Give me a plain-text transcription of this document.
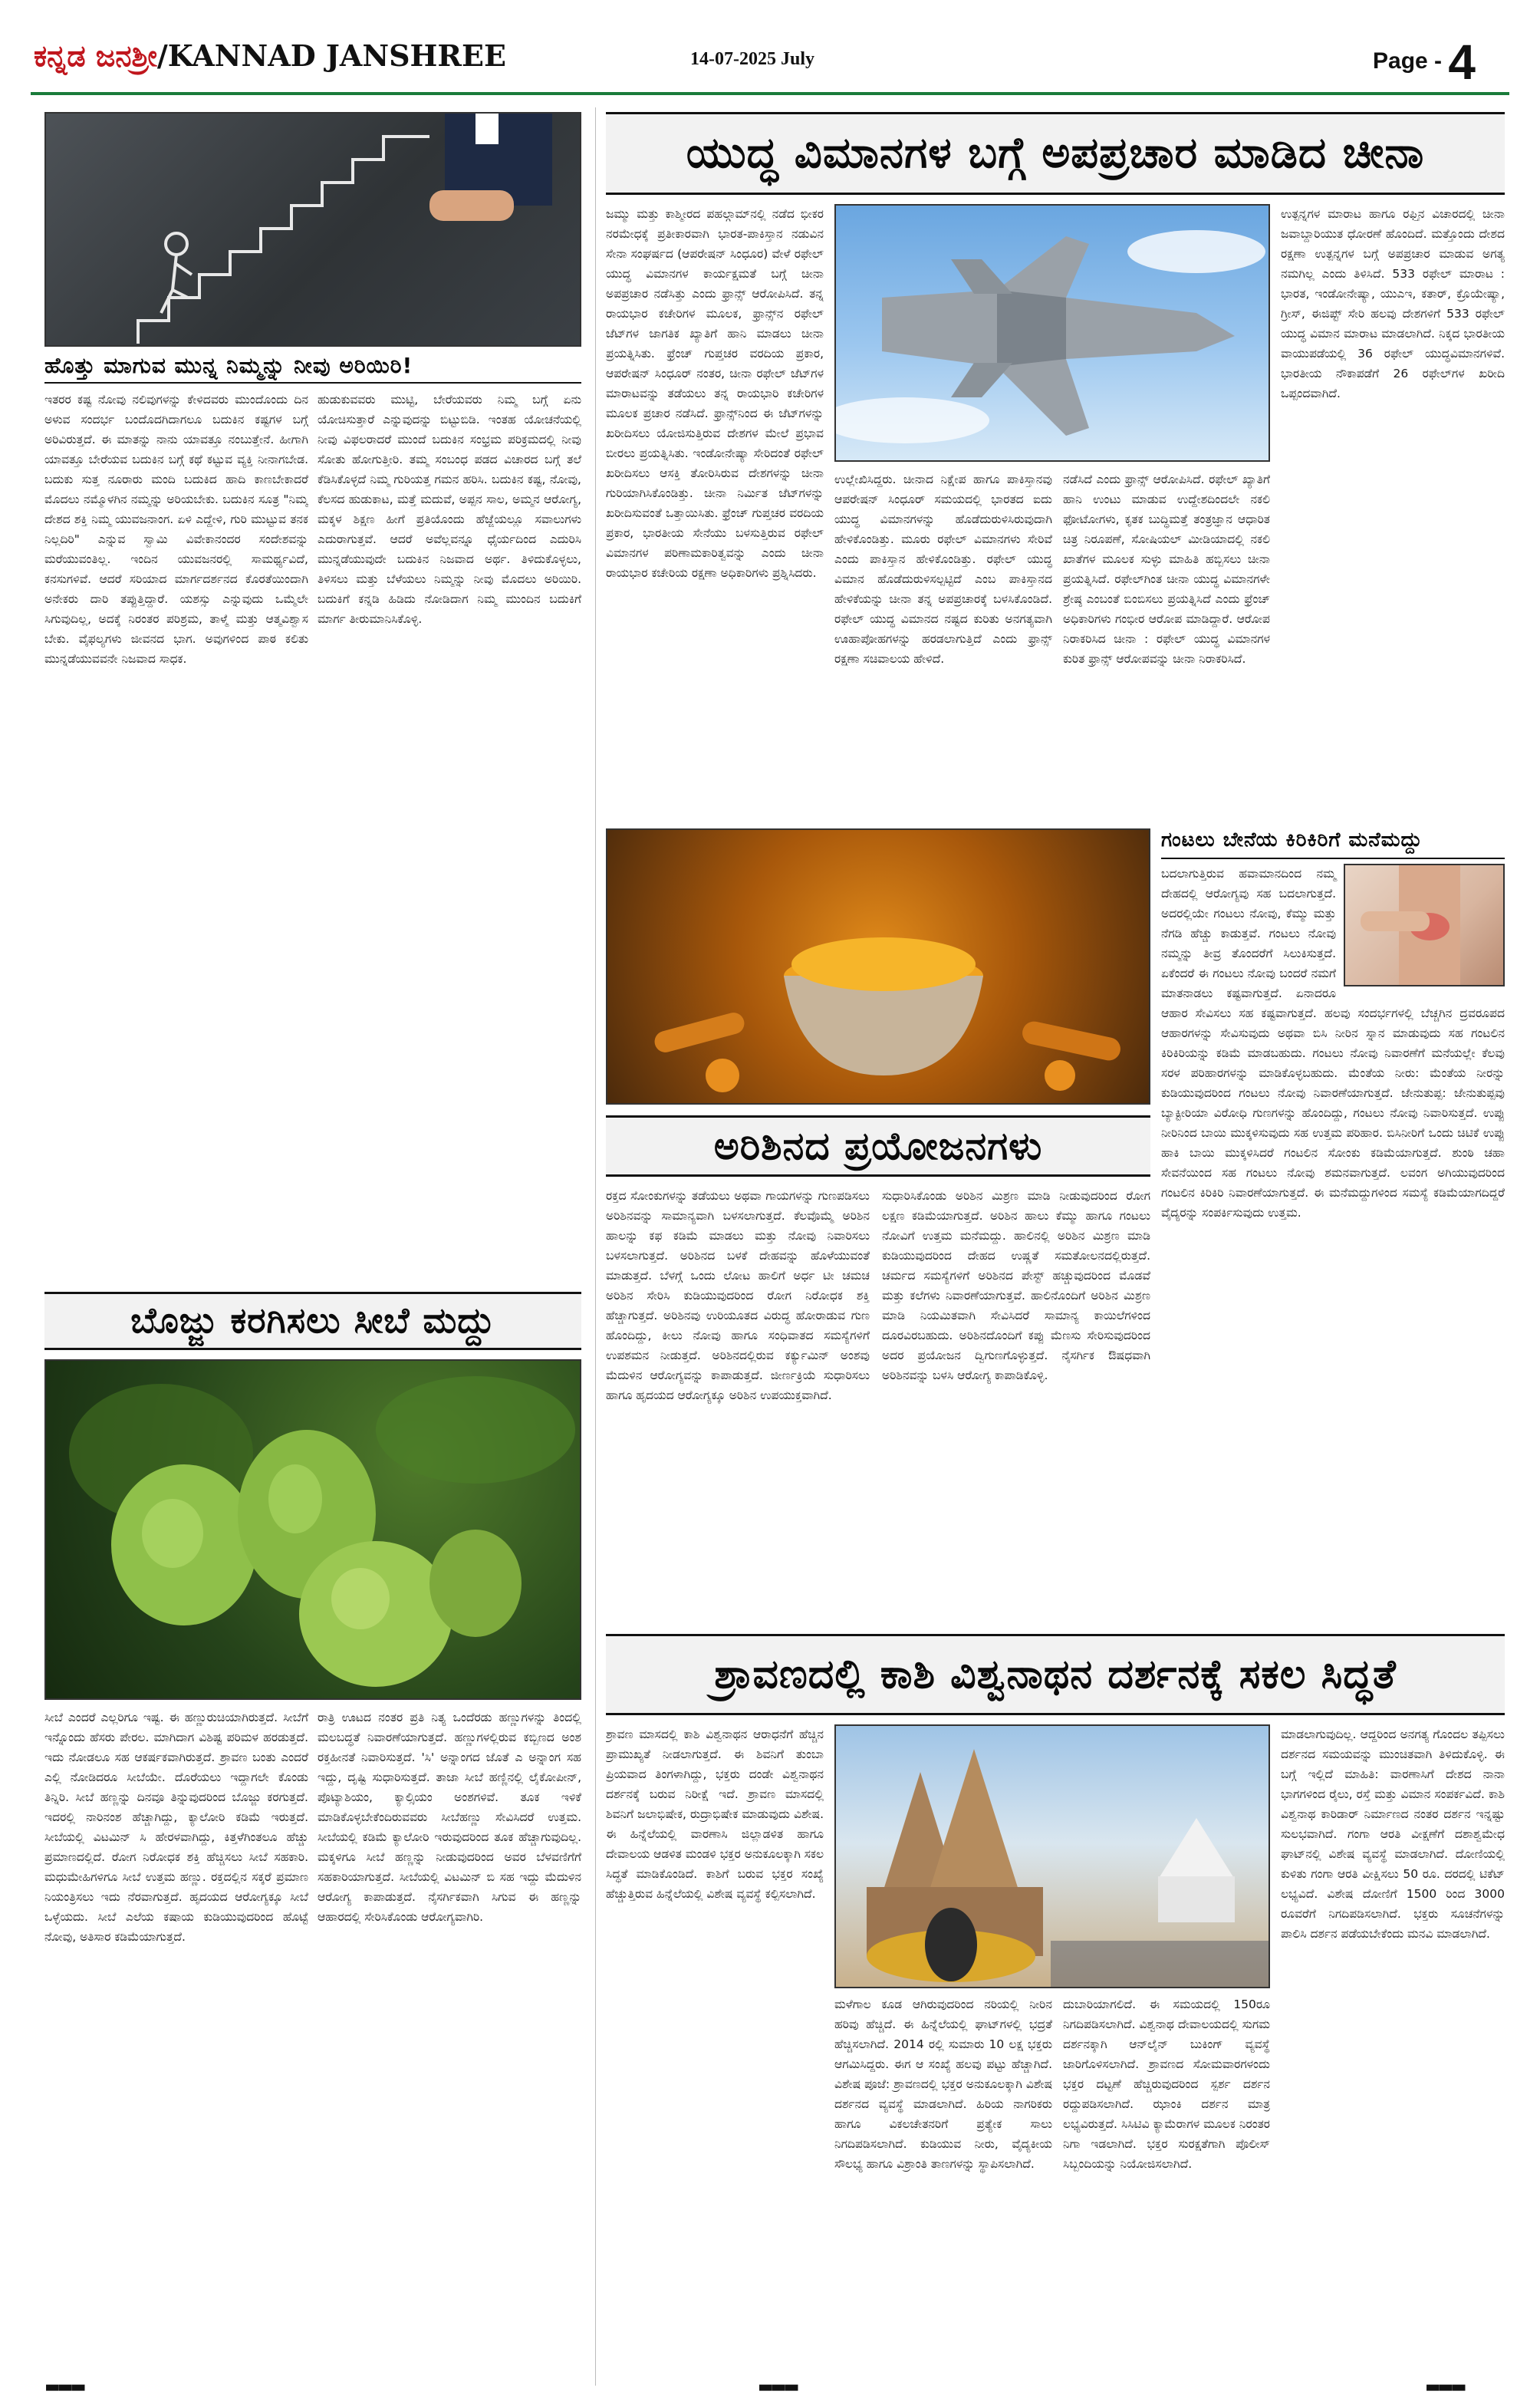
ಕನ್ನಡ ಜನಶ್ರೀ/KANNAD JANSHREE	14-07-2025 July	Page - 4
ಹೊತ್ತು ಮಾಗುವ ಮುನ್ನ ನಿಮ್ಮನ್ನು ನೀವು ಅರಿಯಿರಿ!
ಇತರರ ಕಷ್ಟ ನೋವು ನಲಿವುಗಳನ್ನು ಕೇಳಿದವರು ಮುಂದೊಂದು ದಿನ ಅಳುವ ಸಂದರ್ಭ ಬಂದೊದಗಿದಾಗಲೂ ಬದುಕಿನ ಕಷ್ಟಗಳ ಬಗ್ಗೆ ಅರಿವಿರುತ್ತದೆ. ಈ ಮಾತನ್ನು ನಾನು ಯಾವತ್ತೂ ನಂಬುತ್ತೇನೆ. ಹೀಗಾಗಿ ಯಾವತ್ತೂ ಬೇರೆಯವ ಬದುಕಿನ ಬಗ್ಗೆ ಕಥೆ ಕಟ್ಟುವ ವ್ಯಕ್ತಿ ನೀನಾಗಬೇಡ. ಬದುಕು ಸುತ್ತ ನೂರಾರು ಮಂದಿ ಬದುಕಿದ ಹಾದಿ ಕಾಣಬೇಕಾದರೆ ಮೊದಲು ನಮ್ಮೊಳಗಿನ ನಮ್ಮನ್ನು ಅರಿಯಬೇಕು. ಬದುಕಿನ ಸೂತ್ರ "ನಿಮ್ಮ ದೇಶದ ಶಕ್ತಿ ನಿಮ್ಮ ಯುವಜನಾಂಗ. ಏಳಿ ಎದ್ದೇಳಿ, ಗುರಿ ಮುಟ್ಟುವ ತನಕ ನಿಲ್ಲದಿರಿ" ಎನ್ನುವ ಸ್ವಾಮಿ ವಿವೇಕಾನಂದರ ಸಂದೇಶವನ್ನು ಮರೆಯುವಂತಿಲ್ಲ. ಇಂದಿನ ಯುವಜನರಲ್ಲಿ ಸಾಮರ್ಥ್ಯವಿದೆ, ಕನಸುಗಳಿವೆ. ಆದರೆ ಸರಿಯಾದ ಮಾರ್ಗದರ್ಶನದ ಕೊರತೆಯಿಂದಾಗಿ ಅನೇಕರು ದಾರಿ ತಪ್ಪುತ್ತಿದ್ದಾರೆ. ಯಶಸ್ಸು ಎನ್ನುವುದು ಒಮ್ಮೆಲೇ ಸಿಗುವುದಿಲ್ಲ, ಅದಕ್ಕೆ ನಿರಂತರ ಪರಿಶ್ರಮ, ತಾಳ್ಮೆ ಮತ್ತು ಆತ್ಮವಿಶ್ವಾಸ ಬೇಕು. ವೈಫಲ್ಯಗಳು ಜೀವನದ ಭಾಗ. ಅವುಗಳಿಂದ ಪಾಠ ಕಲಿತು ಮುನ್ನಡೆಯುವವನೇ ನಿಜವಾದ ಸಾಧಕ.
ಹುಡುಕುವವರು ಮುಟ್ಟಿ, ಬೇರೆಯವರು ನಿಮ್ಮ ಬಗ್ಗೆ ಏನು ಯೋಚಿಸುತ್ತಾರೆ ಎನ್ನುವುದನ್ನು ಬಿಟ್ಟುಬಿಡಿ. ಇಂತಹ ಯೋಚನೆಯಲ್ಲಿ ನೀವು ವಿಫಲರಾದರೆ ಮುಂದೆ ಬದುಕಿನ ಸಂಭ್ರಮ ಪರಿಕ್ರಮದಲ್ಲಿ ನೀವು ಸೋತು ಹೋಗುತ್ತೀರಿ. ತಮ್ಮ ಸಂಬಂಧ ಪಡದ ವಿಚಾರದ ಬಗ್ಗೆ ತಲೆ ಕೆಡಿಸಿಕೊಳ್ಳದೆ ನಿಮ್ಮ ಗುರಿಯತ್ತ ಗಮನ ಹರಿಸಿ. ಬದುಕಿನ ಕಷ್ಟ, ನೋವು, ಕೆಲಸದ ಹುಡುಕಾಟ, ಮತ್ತೆ ಮದುವೆ, ಅಪ್ಪನ ಸಾಲ, ಅಮ್ಮನ ಆರೋಗ್ಯ, ಮಕ್ಕಳ ಶಿಕ್ಷಣ ಹೀಗೆ ಪ್ರತಿಯೊಂದು ಹೆಜ್ಜೆಯಲ್ಲೂ ಸವಾಲುಗಳು ಎದುರಾಗುತ್ತವೆ. ಆದರೆ ಅವೆಲ್ಲವನ್ನೂ ಧೈರ್ಯದಿಂದ ಎದುರಿಸಿ ಮುನ್ನಡೆಯುವುದೇ ಬದುಕಿನ ನಿಜವಾದ ಅರ್ಥ. ತಿಳಿದುಕೊಳ್ಳಲು, ತಿಳಿಸಲು ಮತ್ತು ಬೆಳೆಯಲು ನಿಮ್ಮನ್ನು ನೀವು ಮೊದಲು ಅರಿಯಿರಿ. ಬದುಕಿಗೆ ಕನ್ನಡಿ ಹಿಡಿದು ನೋಡಿದಾಗ ನಿಮ್ಮ ಮುಂದಿನ ಬದುಕಿಗೆ ಮಾರ್ಗ ತೀರುಮಾನಿಸಿಕೊಳ್ಳಿ.
ಬೊಜ್ಜು ಕರಗಿಸಲು ಸೀಬೆ ಮದ್ದು
ಸೀಬೆ ಎಂದರೆ ಎಲ್ಲರಿಗೂ ಇಷ್ಟ. ಈ ಹಣ್ಣುರುಚಿಯಾಗಿರುತ್ತದೆ. ಸೀಬೆಗೆ ಇನ್ನೊಂದು ಹೆಸರು ಪೇರಲ. ಮಾಗಿದಾಗ ವಿಶಿಷ್ಟ ಪರಿಮಳ ಹರಡುತ್ತದೆ. ಇದು ನೋಡಲೂ ಸಹ ಆಕರ್ಷಕವಾಗಿರುತ್ತದೆ. ಶ್ರಾವಣ ಬಂತು ಎಂದರೆ ಎಲ್ಲಿ ನೋಡಿದರೂ ಸೀಬೆಯೇ. ದೊರೆಯಲು ಇದ್ದಾಗಲೇ ಕೊಂಡು ತಿನ್ನಿರಿ. ಸೀಬೆ ಹಣ್ಣನ್ನು ದಿನವೂ ತಿನ್ನುವುದರಿಂದ ಬೊಜ್ಜು ಕರಗುತ್ತದೆ. ಇದರಲ್ಲಿ ನಾರಿನಂಶ ಹೆಚ್ಚಾಗಿದ್ದು, ಕ್ಯಾಲೋರಿ ಕಡಿಮೆ ಇರುತ್ತದೆ. ಸೀಬೆಯಲ್ಲಿ ವಿಟಮಿನ್ ಸಿ ಹೇರಳವಾಗಿದ್ದು, ಕಿತ್ತಳೆಗಿಂತಲೂ ಹೆಚ್ಚು ಪ್ರಮಾಣದಲ್ಲಿದೆ. ರೋಗ ನಿರೋಧಕ ಶಕ್ತಿ ಹೆಚ್ಚಿಸಲು ಸೀಬೆ ಸಹಕಾರಿ. ಮಧುಮೇಹಿಗಳಿಗೂ ಸೀಬೆ ಉತ್ತಮ ಹಣ್ಣು. ರಕ್ತದಲ್ಲಿನ ಸಕ್ಕರೆ ಪ್ರಮಾಣ ನಿಯಂತ್ರಿಸಲು ಇದು ನೆರವಾಗುತ್ತದೆ. ಹೃದಯದ ಆರೋಗ್ಯಕ್ಕೂ ಸೀಬೆ ಒಳ್ಳೆಯದು. ಸೀಬೆ ಎಲೆಯ ಕಷಾಯ ಕುಡಿಯುವುದರಿಂದ ಹೊಟ್ಟೆ ನೋವು, ಅತಿಸಾರ ಕಡಿಮೆಯಾಗುತ್ತದೆ.
ರಾತ್ರಿ ಊಟದ ನಂತರ ಪ್ರತಿ ನಿತ್ಯ ಒಂದೆರಡು ಹಣ್ಣುಗಳನ್ನು ತಿಂದಲ್ಲಿ ಮಲಬದ್ಧತೆ ನಿವಾರಣೆಯಾಗುತ್ತದೆ. ಹಣ್ಣುಗಳಲ್ಲಿರುವ ಕಬ್ಬಿಣದ ಅಂಶ ರಕ್ತಹೀನತೆ ನಿವಾರಿಸುತ್ತದೆ. 'ಸಿ' ಅನ್ನಾಂಗದ ಜೊತೆ ಎ ಅನ್ನಾಂಗ ಸಹ ಇದ್ದು, ದೃಷ್ಟಿ ಸುಧಾರಿಸುತ್ತದೆ. ತಾಜಾ ಸೀಬೆ ಹಣ್ಣಿನಲ್ಲಿ ಲೈಕೋಪೀನ್, ಪೊಟ್ಯಾಶಿಯಂ, ಕ್ಯಾಲ್ಸಿಯಂ ಅಂಶಗಳಿವೆ. ತೂಕ ಇಳಿಕೆ ಮಾಡಿಕೊಳ್ಳಬೇಕೆಂದಿರುವವರು ಸೀಬೆಹಣ್ಣು ಸೇವಿಸಿದರೆ ಉತ್ತಮ. ಸೀಬೆಯಲ್ಲಿ ಕಡಿಮೆ ಕ್ಯಾಲೋರಿ ಇರುವುದರಿಂದ ತೂಕ ಹೆಚ್ಚಾಗುವುದಿಲ್ಲ. ಮಕ್ಕಳಿಗೂ ಸೀಬೆ ಹಣ್ಣನ್ನು ನೀಡುವುದರಿಂದ ಅವರ ಬೆಳವಣಿಗೆಗೆ ಸಹಕಾರಿಯಾಗುತ್ತದೆ. ಸೀಬೆಯಲ್ಲಿ ವಿಟಮಿನ್ ಬಿ ಸಹ ಇದ್ದು ಮೆದುಳಿನ ಆರೋಗ್ಯ ಕಾಪಾಡುತ್ತದೆ. ನೈಸರ್ಗಿಕವಾಗಿ ಸಿಗುವ ಈ ಹಣ್ಣನ್ನು ಆಹಾರದಲ್ಲಿ ಸೇರಿಸಿಕೊಂಡು ಆರೋಗ್ಯವಾಗಿರಿ.
ಯುದ್ಧ ವಿಮಾನಗಳ ಬಗ್ಗೆ ಅಪಪ್ರಚಾರ ಮಾಡಿದ ಚೀನಾ
ಜಮ್ಮು ಮತ್ತು ಕಾಶ್ಮೀರದ ಪಹಲ್ಗಾಮ್‌ನಲ್ಲಿ ನಡೆದ ಭೀಕರ ನರಮೇಧಕ್ಕೆ ಪ್ರತೀಕಾರವಾಗಿ ಭಾರತ-ಪಾಕಿಸ್ತಾನ ನಡುವಿನ ಸೇನಾ ಸಂಘರ್ಷದ (ಆಪರೇಷನ್ ಸಿಂಧೂರ) ವೇಳೆ ರಫೇಲ್ ಯುದ್ಧ ವಿಮಾನಗಳ ಕಾರ್ಯಕ್ಷಮತೆ ಬಗ್ಗೆ ಚೀನಾ ಅಪಪ್ರಚಾರ ನಡೆಸಿತ್ತು ಎಂದು ಫ್ರಾನ್ಸ್ ಆರೋಪಿಸಿದೆ. ತನ್ನ ರಾಯಭಾರ ಕಚೇರಿಗಳ ಮೂಲಕ, ಫ್ರಾನ್ಸ್‌ನ ರಫೇಲ್ ಜೆಟ್‌ಗಳ ಜಾಗತಿಕ ಖ್ಯಾತಿಗೆ ಹಾನಿ ಮಾಡಲು ಚೀನಾ ಪ್ರಯತ್ನಿಸಿತು. ಫ್ರೆಂಚ್ ಗುಪ್ತಚರ ವರದಿಯ ಪ್ರಕಾರ, ಆಪರೇಷನ್ ಸಿಂಧೂರ್ ನಂತರ, ಚೀನಾ ರಫೇಲ್ ಜೆಟ್‌ಗಳ ಮಾರಾಟವನ್ನು ತಡೆಯಲು ತನ್ನ ರಾಯಭಾರಿ ಕಚೇರಿಗಳ ಮೂಲಕ ಪ್ರಚಾರ ನಡೆಸಿದೆ. ಫ್ರಾನ್ಸ್‌ನಿಂದ ಈ ಜೆಟ್‌ಗಳನ್ನು ಖರೀದಿಸಲು ಯೋಜಿಸುತ್ತಿರುವ ದೇಶಗಳ ಮೇಲೆ ಪ್ರಭಾವ ಬೀರಲು ಪ್ರಯತ್ನಿಸಿತು. ಇಂಡೋನೇಷ್ಯಾ ಸೇರಿದಂತೆ ರಫೇಲ್ ಖರೀದಿಸಲು ಆಸಕ್ತಿ ತೋರಿಸಿರುವ ದೇಶಗಳನ್ನು ಚೀನಾ ಗುರಿಯಾಗಿಸಿಕೊಂಡಿತ್ತು. ಚೀನಾ ನಿರ್ಮಿತ ಜೆಟ್‌ಗಳನ್ನು ಖರೀದಿಸುವಂತೆ ಒತ್ತಾಯಿಸಿತು. ಫ್ರೆಂಚ್ ಗುಪ್ತಚರ ವರದಿಯ ಪ್ರಕಾರ, ಭಾರತೀಯ ಸೇನೆಯು ಬಳಸುತ್ತಿರುವ ರಫೇಲ್ ವಿಮಾನಗಳ ಪರಿಣಾಮಕಾರಿತ್ವವನ್ನು ಎಂದು ಚೀನಾ ರಾಯಭಾರ ಕಚೇರಿಯ ರಕ್ಷಣಾ ಅಧಿಕಾರಿಗಳು ಪ್ರಶ್ನಿಸಿದರು.
ಉಲ್ಲೇಖಿಸಿದ್ದರು. ಚೀನಾದ ನಿಕ್ಷೇಪ ಹಾಗೂ ಪಾಕಿಸ್ತಾನವು ಆಪರೇಷನ್ ಸಿಂಧೂರ್ ಸಮಯದಲ್ಲಿ ಭಾರತದ ಐದು ಯುದ್ಧ ವಿಮಾನಗಳನ್ನು ಹೊಡೆದುರುಳಿಸಿರುವುದಾಗಿ ಹೇಳಿಕೊಂಡಿತ್ತು. ಮೂರು ರಫೇಲ್ ವಿಮಾನಗಳು ಸೇರಿವೆ ಎಂದು ಪಾಕಿಸ್ತಾನ ಹೇಳಿಕೊಂಡಿತ್ತು. ರಫೇಲ್ ಯುದ್ಧ ವಿಮಾನ ಹೊಡೆದುರುಳಿಸಲ್ಪಟ್ಟಿದೆ ಎಂಬ ಪಾಕಿಸ್ತಾನದ ಹೇಳಿಕೆಯನ್ನು ಚೀನಾ ತನ್ನ ಅಪಪ್ರಚಾರಕ್ಕೆ ಬಳಸಿಕೊಂಡಿದೆ. ರಫೇಲ್ ಯುದ್ಧ ವಿಮಾನದ ನಷ್ಟದ ಕುರಿತು ಅನಗತ್ಯವಾಗಿ ಊಹಾಪೋಹಗಳನ್ನು ಹರಡಲಾಗುತ್ತಿದೆ ಎಂದು ಫ್ರಾನ್ಸ್ ರಕ್ಷಣಾ ಸಚಿವಾಲಯ ಹೇಳಿದೆ.
ನಡೆಸಿದೆ ಎಂದು ಫ್ರಾನ್ಸ್ ಆರೋಪಿಸಿದೆ. ರಫೇಲ್ ಖ್ಯಾತಿಗೆ ಹಾನಿ ಉಂಟು ಮಾಡುವ ಉದ್ದೇಶದಿಂದಲೇ ನಕಲಿ ಫೋಟೋಗಳು, ಕೃತಕ ಬುದ್ಧಿಮತ್ತೆ ತಂತ್ರಜ್ಞಾನ ಆಧಾರಿತ ಚಿತ್ರ ನಿರೂಪಣೆ, ಸೋಷಿಯಲ್ ಮೀಡಿಯಾದಲ್ಲಿ ನಕಲಿ ಖಾತೆಗಳ ಮೂಲಕ ಸುಳ್ಳು ಮಾಹಿತಿ ಹಬ್ಬಿಸಲು ಚೀನಾ ಪ್ರಯತ್ನಿಸಿದೆ. ರಫೇಲ್‌ಗಿಂತ ಚೀನಾ ಯುದ್ಧ ವಿಮಾನಗಳೇ ಶ್ರೇಷ್ಠ ಎಂಬಂತೆ ಬಿಂಬಿಸಲು ಪ್ರಯತ್ನಿಸಿದೆ ಎಂದು ಫ್ರೆಂಚ್ ಅಧಿಕಾರಿಗಳು ಗಂಭೀರ ಆರೋಪ ಮಾಡಿದ್ದಾರೆ. ಆರೋಪ ನಿರಾಕರಿಸಿದ ಚೀನಾ : ರಫೇಲ್ ಯುದ್ಧ ವಿಮಾನಗಳ ಕುರಿತ ಫ್ರಾನ್ಸ್ ಆರೋಪವನ್ನು ಚೀನಾ ನಿರಾಕರಿಸಿದೆ.
ಉತ್ಪನ್ನಗಳ ಮಾರಾಟ ಹಾಗೂ ರಫ್ತಿನ ವಿಚಾರದಲ್ಲಿ ಚೀನಾ ಜವಾಬ್ದಾರಿಯುತ ಧೋರಣೆ ಹೊಂದಿದೆ. ಮತ್ತೊಂದು ದೇಶದ ರಕ್ಷಣಾ ಉತ್ಪನ್ನಗಳ ಬಗ್ಗೆ ಅಪಪ್ರಚಾರ ಮಾಡುವ ಅಗತ್ಯ ನಮಗಿಲ್ಲ ಎಂದು ತಿಳಿಸಿದೆ. 533 ರಫೇಲ್ ಮಾರಾಟ : ಭಾರತ, ಇಂಡೋನೇಷ್ಯಾ, ಯುಎಇ, ಕತಾರ್, ಕ್ರೊಯೇಷ್ಯಾ, ಗ್ರೀಸ್, ಈಜಿಪ್ಟ್ ಸೇರಿ ಹಲವು ದೇಶಗಳಿಗೆ 533 ರಫೇಲ್ ಯುದ್ಧ ವಿಮಾನ ಮಾರಾಟ ಮಾಡಲಾಗಿದೆ. ನಿಕ್ಕದ ಭಾರತೀಯ ವಾಯುಪಡೆಯಲ್ಲಿ 36 ರಫೇಲ್ ಯುದ್ಧವಿಮಾನಗಳಿವೆ. ಭಾರತೀಯ ನೌಕಾಪಡೆಗೆ 26 ರಫೇಲ್‌ಗಳ ಖರೀದಿ ಒಪ್ಪಂದವಾಗಿದೆ.
ಅರಿಶಿನದ ಪ್ರಯೋಜನಗಳು
ರಕ್ತದ ಸೋಂಕುಗಳನ್ನು ತಡೆಯಲು ಅಥವಾ ಗಾಯಗಳನ್ನು ಗುಣಪಡಿಸಲು ಅರಿಶಿನವನ್ನು ಸಾಮಾನ್ಯವಾಗಿ ಬಳಸಲಾಗುತ್ತದೆ. ಕೆಲವೊಮ್ಮೆ ಅರಿಶಿನ ಹಾಲನ್ನು ಕಫ ಕಡಿಮೆ ಮಾಡಲು ಮತ್ತು ನೋವು ನಿವಾರಿಸಲು ಬಳಸಲಾಗುತ್ತದೆ. ಅರಿಶಿನದ ಬಳಕೆ ದೇಹವನ್ನು ಹೊಳೆಯುವಂತೆ ಮಾಡುತ್ತದೆ. ಬೆಳಗ್ಗೆ ಒಂದು ಲೋಟ ಹಾಲಿಗೆ ಅರ್ಧ ಟೀ ಚಮಚ ಅರಿಶಿನ ಸೇರಿಸಿ ಕುಡಿಯುವುದರಿಂದ ರೋಗ ನಿರೋಧಕ ಶಕ್ತಿ ಹೆಚ್ಚಾಗುತ್ತದೆ. ಅರಿಶಿನವು ಉರಿಯೂತದ ವಿರುದ್ಧ ಹೋರಾಡುವ ಗುಣ ಹೊಂದಿದ್ದು, ಕೀಲು ನೋವು ಹಾಗೂ ಸಂಧಿವಾತದ ಸಮಸ್ಯೆಗಳಿಗೆ ಉಪಶಮನ ನೀಡುತ್ತದೆ. ಅರಿಶಿನದಲ್ಲಿರುವ ಕರ್ಕ್ಯುಮಿನ್ ಅಂಶವು ಮೆದುಳಿನ ಆರೋಗ್ಯವನ್ನು ಕಾಪಾಡುತ್ತದೆ. ಜೀರ್ಣಕ್ರಿಯೆ ಸುಧಾರಿಸಲು ಹಾಗೂ ಹೃದಯದ ಆರೋಗ್ಯಕ್ಕೂ ಅರಿಶಿನ ಉಪಯುಕ್ತವಾಗಿದೆ.
ಸುಧಾರಿಸಿಕೊಂಡು ಅರಿಶಿನ ಮಿಶ್ರಣ ಮಾಡಿ ನೀಡುವುದರಿಂದ ರೋಗ ಲಕ್ಷಣ ಕಡಿಮೆಯಾಗುತ್ತದೆ. ಅರಿಶಿನ ಹಾಲು ಕೆಮ್ಮು ಹಾಗೂ ಗಂಟಲು ನೋವಿಗೆ ಉತ್ತಮ ಮನೆಮದ್ದು. ಹಾಲಿನಲ್ಲಿ ಅರಿಶಿನ ಮಿಶ್ರಣ ಮಾಡಿ ಕುಡಿಯುವುದರಿಂದ ದೇಹದ ಉಷ್ಣತೆ ಸಮತೋಲನದಲ್ಲಿರುತ್ತದೆ. ಚರ್ಮದ ಸಮಸ್ಯೆಗಳಿಗೆ ಅರಿಶಿನದ ಪೇಸ್ಟ್ ಹಚ್ಚುವುದರಿಂದ ಮೊಡವೆ ಮತ್ತು ಕಲೆಗಳು ನಿವಾರಣೆಯಾಗುತ್ತವೆ. ಹಾಲಿನೊಂದಿಗೆ ಅರಿಶಿನ ಮಿಶ್ರಣ ಮಾಡಿ ನಿಯಮಿತವಾಗಿ ಸೇವಿಸಿದರೆ ಸಾಮಾನ್ಯ ಕಾಯಿಲೆಗಳಿಂದ ದೂರವಿರಬಹುದು. ಅರಿಶಿನದೊಂದಿಗೆ ಕಪ್ಪು ಮೆಣಸು ಸೇರಿಸುವುದರಿಂದ ಅದರ ಪ್ರಯೋಜನ ದ್ವಿಗುಣಗೊಳ್ಳುತ್ತದೆ. ನೈಸರ್ಗಿಕ ಔಷಧವಾಗಿ ಅರಿಶಿನವನ್ನು ಬಳಸಿ ಆರೋಗ್ಯ ಕಾಪಾಡಿಕೊಳ್ಳಿ.
ಗಂಟಲು ಬೇನೆಯ ಕಿರಿಕಿರಿಗೆ ಮನೆಮದ್ದು
ಬದಲಾಗುತ್ತಿರುವ ಹವಾಮಾನದಿಂದ ನಮ್ಮ ದೇಹದಲ್ಲಿ ಆರೋಗ್ಯವು ಸಹ ಬದಲಾಗುತ್ತದೆ. ಅದರಲ್ಲಿಯೇ ಗಂಟಲು ನೋವು, ಕೆಮ್ಮು ಮತ್ತು ನೆಗಡಿ ಹೆಚ್ಚು ಕಾಡುತ್ತವೆ. ಗಂಟಲು ನೋವು ನಮ್ಮನ್ನು ತೀವ್ರ ತೊಂದರೆಗೆ ಸಿಲುಕಿಸುತ್ತದೆ. ಏಕೆಂದರೆ ಈ ಗಂಟಲು ನೋವು ಬಂದರೆ ನಮಗೆ ಮಾತನಾಡಲು ಕಷ್ಟವಾಗುತ್ತದೆ. ಏನಾದರೂ ಆಹಾರ ಸೇವಿಸಲು ಸಹ ಕಷ್ಟವಾಗುತ್ತದೆ. ಹಲವು ಸಂದರ್ಭಗಳಲ್ಲಿ ಬೆಚ್ಚಗಿನ ದ್ರವರೂಪದ ಆಹಾರಗಳನ್ನು ಸೇವಿಸುವುದು ಅಥವಾ ಬಿಸಿ ನೀರಿನ ಸ್ನಾನ ಮಾಡುವುದು ಸಹ ಗಂಟಲಿನ ಕಿರಿಕಿರಿಯನ್ನು ಕಡಿಮೆ ಮಾಡಬಹುದು. ಗಂಟಲು ನೋವು ನಿವಾರಣೆಗೆ ಮನೆಯಲ್ಲೇ ಕೆಲವು ಸರಳ ಪರಿಹಾರಗಳನ್ನು ಮಾಡಿಕೊಳ್ಳಬಹುದು. ಮೆಂತೆಯ ನೀರು: ಮೆಂತೆಯ ನೀರನ್ನು ಕುಡಿಯುವುದರಿಂದ ಗಂಟಲು ನೋವು ನಿವಾರಣೆಯಾಗುತ್ತದೆ. ಜೇನುತುಪ್ಪ: ಜೇನುತುಪ್ಪವು ಬ್ಯಾಕ್ಟೀರಿಯಾ ವಿರೋಧಿ ಗುಣಗಳನ್ನು ಹೊಂದಿದ್ದು, ಗಂಟಲು ನೋವು ನಿವಾರಿಸುತ್ತದೆ. ಉಪ್ಪು ನೀರಿನಿಂದ ಬಾಯಿ ಮುಕ್ಕಳಿಸುವುದು ಸಹ ಉತ್ತಮ ಪರಿಹಾರ. ಬಿಸಿನೀರಿಗೆ ಒಂದು ಚಿಟಿಕೆ ಉಪ್ಪು ಹಾಕಿ ಬಾಯಿ ಮುಕ್ಕಳಿಸಿದರೆ ಗಂಟಲಿನ ಸೋಂಕು ಕಡಿಮೆಯಾಗುತ್ತದೆ. ಶುಂಠಿ ಚಹಾ ಸೇವನೆಯಿಂದ ಸಹ ಗಂಟಲು ನೋವು ಶಮನವಾಗುತ್ತದೆ. ಲವಂಗ ಅಗಿಯುವುದರಿಂದ ಗಂಟಲಿನ ಕಿರಿಕಿರಿ ನಿವಾರಣೆಯಾಗುತ್ತದೆ. ಈ ಮನೆಮದ್ದುಗಳಿಂದ ಸಮಸ್ಯೆ ಕಡಿಮೆಯಾಗದಿದ್ದರೆ ವೈದ್ಯರನ್ನು ಸಂಪರ್ಕಿಸುವುದು ಉತ್ತಮ.
ಶ್ರಾವಣದಲ್ಲಿ ಕಾಶಿ ವಿಶ್ವನಾಥನ ದರ್ಶನಕ್ಕೆ ಸಕಲ ಸಿದ್ಧತೆ
ಶ್ರಾವಣ ಮಾಸದಲ್ಲಿ ಕಾಶಿ ವಿಶ್ವನಾಥನ ಆರಾಧನೆಗೆ ಹೆಚ್ಚಿನ ಪ್ರಾಮುಖ್ಯತೆ ನೀಡಲಾಗುತ್ತದೆ. ಈ ಶಿವನಿಗೆ ತುಂಬಾ ಪ್ರಿಯವಾದ ತಿಂಗಳಾಗಿದ್ದು, ಭಕ್ತರು ದಂಡೇ ವಿಶ್ವನಾಥನ ದರ್ಶನಕ್ಕೆ ಬರುವ ನಿರೀಕ್ಷೆ ಇದೆ. ಶ್ರಾವಣ ಮಾಸದಲ್ಲಿ ಶಿವನಿಗೆ ಜಲಾಭಿಷೇಕ, ರುದ್ರಾಭಿಷೇಕ ಮಾಡುವುದು ವಿಶೇಷ. ಈ ಹಿನ್ನೆಲೆಯಲ್ಲಿ ವಾರಣಾಸಿ ಜಿಲ್ಲಾಡಳಿತ ಹಾಗೂ ದೇವಾಲಯ ಆಡಳಿತ ಮಂಡಳಿ ಭಕ್ತರ ಅನುಕೂಲಕ್ಕಾಗಿ ಸಕಲ ಸಿದ್ಧತೆ ಮಾಡಿಕೊಂಡಿದೆ. ಕಾಶಿಗೆ ಬರುವ ಭಕ್ತರ ಸಂಖ್ಯೆ ಹೆಚ್ಚುತ್ತಿರುವ ಹಿನ್ನೆಲೆಯಲ್ಲಿ ವಿಶೇಷ ವ್ಯವಸ್ಥೆ ಕಲ್ಪಿಸಲಾಗಿದೆ.
ಮಳೆಗಾಲ ಕೂಡ ಆಗಿರುವುದರಿಂದ ನರಿಯಲ್ಲಿ ನೀರಿನ ಹರಿವು ಹೆಚ್ಚಿದೆ. ಈ ಹಿನ್ನೆಲೆಯಲ್ಲಿ ಘಾಟ್‌ಗಳಲ್ಲಿ ಭದ್ರತೆ ಹೆಚ್ಚಿಸಲಾಗಿದೆ. 2014 ರಲ್ಲಿ ಸುಮಾರು 10 ಲಕ್ಷ ಭಕ್ತರು ಆಗಮಿಸಿದ್ದರು. ಈಗ ಆ ಸಂಖ್ಯೆ ಹಲವು ಪಟ್ಟು ಹೆಚ್ಚಾಗಿದೆ. ವಿಶೇಷ ಪೂಜೆ: ಶ್ರಾವಣದಲ್ಲಿ ಭಕ್ತರ ಅನುಕೂಲಕ್ಕಾಗಿ ವಿಶೇಷ ದರ್ಶನದ ವ್ಯವಸ್ಥೆ ಮಾಡಲಾಗಿದೆ. ಹಿರಿಯ ನಾಗರಿಕರು ಹಾಗೂ ವಿಕಲಚೇತನರಿಗೆ ಪ್ರತ್ಯೇಕ ಸಾಲು ನಿಗದಿಪಡಿಸಲಾಗಿದೆ. ಕುಡಿಯುವ ನೀರು, ವೈದ್ಯಕೀಯ ಸೌಲಭ್ಯ ಹಾಗೂ ವಿಶ್ರಾಂತಿ ತಾಣಗಳನ್ನು ಸ್ಥಾಪಿಸಲಾಗಿದೆ.
ದುಬಾರಿಯಾಗಲಿದೆ. ಈ ಸಮಯದಲ್ಲಿ 150ರೂ ನಿಗದಿಪಡಿಸಲಾಗಿದೆ. ವಿಶ್ವನಾಥ ದೇವಾಲಯದಲ್ಲಿ ಸುಗಮ ದರ್ಶನಕ್ಕಾಗಿ ಆನ್‌ಲೈನ್ ಬುಕಿಂಗ್ ವ್ಯವಸ್ಥೆ ಜಾರಿಗೊಳಿಸಲಾಗಿದೆ. ಶ್ರಾವಣದ ಸೋಮವಾರಗಳಂದು ಭಕ್ತರ ದಟ್ಟಣೆ ಹೆಚ್ಚಿರುವುದರಿಂದ ಸ್ಪರ್ಶ ದರ್ಶನ ರದ್ದುಪಡಿಸಲಾಗಿದೆ. ಝಾಂಕಿ ದರ್ಶನ ಮಾತ್ರ ಲಭ್ಯವಿರುತ್ತದೆ. ಸಿಸಿಟಿವಿ ಕ್ಯಾಮೆರಾಗಳ ಮೂಲಕ ನಿರಂತರ ನಿಗಾ ಇಡಲಾಗಿದೆ. ಭಕ್ತರ ಸುರಕ್ಷತೆಗಾಗಿ ಪೊಲೀಸ್ ಸಿಬ್ಬಂದಿಯನ್ನು ನಿಯೋಜಿಸಲಾಗಿದೆ.
ಮಾಡಲಾಗುವುದಿಲ್ಲ. ಆದ್ದರಿಂದ ಅನಗತ್ಯ ಗೊಂದಲ ತಪ್ಪಿಸಲು ದರ್ಶನದ ಸಮಯವನ್ನು ಮುಂಚಿತವಾಗಿ ತಿಳಿದುಕೊಳ್ಳಿ. ಈ ಬಗ್ಗೆ ಇಲ್ಲಿದೆ ಮಾಹಿತಿ: ವಾರಣಾಸಿಗೆ ದೇಶದ ನಾನಾ ಭಾಗಗಳಿಂದ ರೈಲು, ರಸ್ತೆ ಮತ್ತು ವಿಮಾನ ಸಂಪರ್ಕವಿದೆ. ಕಾಶಿ ವಿಶ್ವನಾಥ ಕಾರಿಡಾರ್ ನಿರ್ಮಾಣದ ನಂತರ ದರ್ಶನ ಇನ್ನಷ್ಟು ಸುಲಭವಾಗಿದೆ. ಗಂಗಾ ಆರತಿ ವೀಕ್ಷಣೆಗೆ ದಶಾಶ್ವಮೇಧ ಘಾಟ್‌ನಲ್ಲಿ ವಿಶೇಷ ವ್ಯವಸ್ಥೆ ಮಾಡಲಾಗಿದೆ. ದೋಣಿಯಲ್ಲಿ ಕುಳಿತು ಗಂಗಾ ಆರತಿ ವೀಕ್ಷಿಸಲು 50 ರೂ. ದರದಲ್ಲಿ ಟಿಕೆಟ್ ಲಭ್ಯವಿದೆ. ವಿಶೇಷ ದೋಣಿಗೆ 1500 ರಿಂದ 3000 ರೂವರೆಗೆ ನಿಗದಿಪಡಿಸಲಾಗಿದೆ. ಭಕ್ತರು ಸೂಚನೆಗಳನ್ನು ಪಾಲಿಸಿ ದರ್ಶನ ಪಡೆಯಬೇಕೆಂದು ಮನವಿ ಮಾಡಲಾಗಿದೆ.
▬▬▬	▬▬▬	▬▬▬
